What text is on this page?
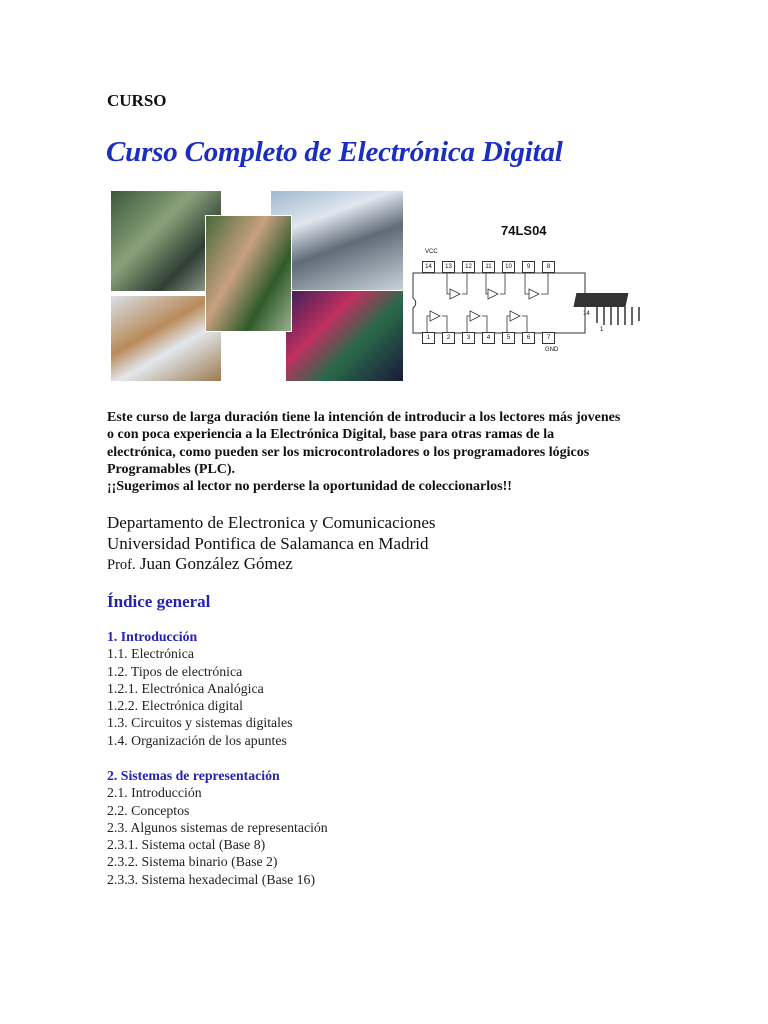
CURSO
Curso Completo de Electrónica Digital
74LS04
VCC
GND
14
1
14
1
13
2
12
3
11
4
10
5
9
6
8
7
Este curso de larga duración tiene la intención de introducir a los lectores más jovenes
o con poca experiencia a la Electrónica Digital, base para otras ramas de la
electrónica, como pueden ser los microcontroladores o los programadores lógicos
Programables (PLC).
¡¡Sugerimos al lector no perderse la oportunidad de coleccionarlos!!
Departamento de Electronica y Comunicaciones
Universidad Pontifica de Salamanca en Madrid
Prof. Juan González Gómez
Índice general
1. Introducción
1.1. Electrónica
1.2. Tipos de electrónica
1.2.1. Electrónica Analógica
1.2.2. Electrónica digital
1.3. Circuitos y sistemas digitales
1.4. Organización de los apuntes
2. Sistemas de representación
2.1. Introducción
2.2. Conceptos
2.3. Algunos sistemas de representación
2.3.1. Sistema octal (Base 8)
2.3.2. Sistema binario (Base 2)
2.3.3. Sistema hexadecimal (Base 16)
